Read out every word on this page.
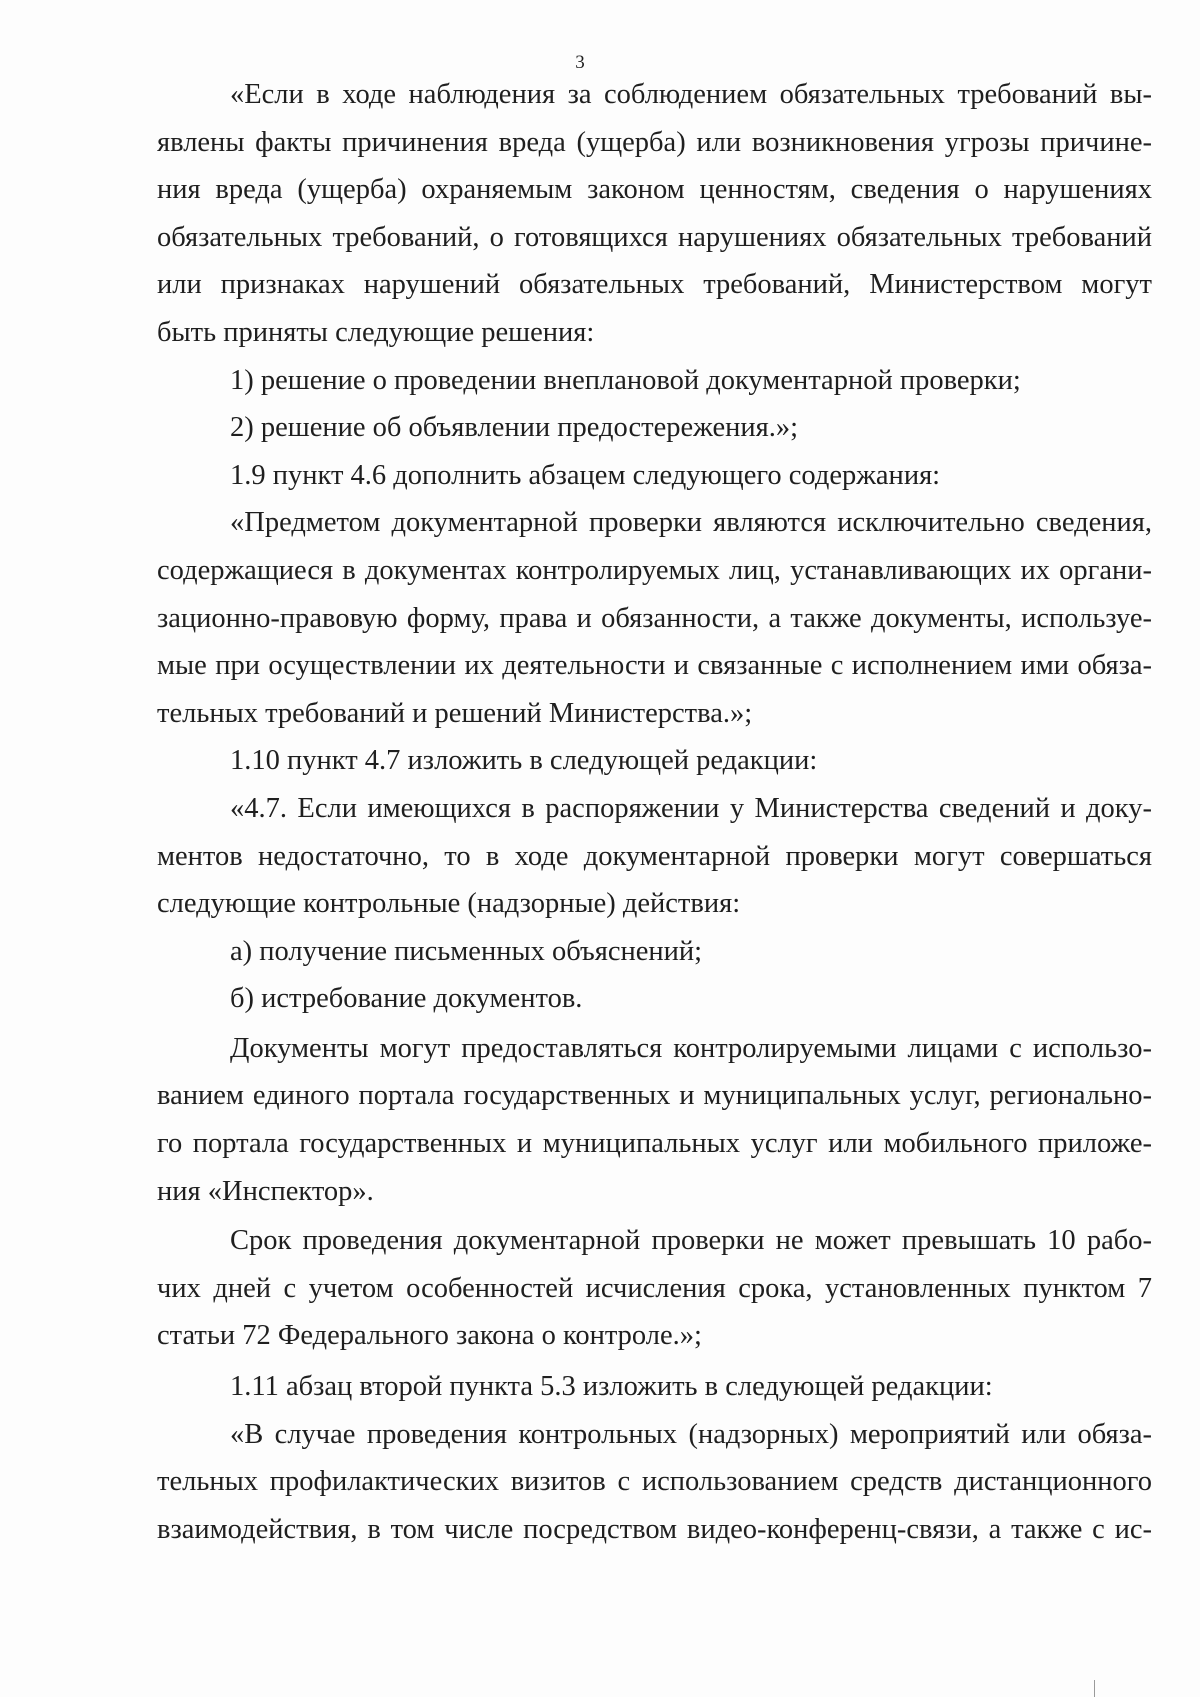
3
«Если в ходе наблюдения за соблюдением обязательных требований вы-
явлены факты причинения вреда (ущерба) или возникновения угрозы причине-
ния вреда (ущерба) охраняемым законом ценностям, сведения о нарушениях
обязательных требований, о готовящихся нарушениях обязательных требований
или признаках нарушений обязательных требований, Министерством могут
быть приняты следующие решения:
1) решение о проведении внеплановой документарной проверки;
2) решение об объявлении предостережения.»;
1.9 пункт 4.6 дополнить абзацем следующего содержания:
«Предметом документарной проверки являются исключительно сведения,
содержащиеся в документах контролируемых лиц, устанавливающих их органи-
зационно-правовую форму, права и обязанности, а также документы, используе-
мые при осуществлении их деятельности и связанные с исполнением ими обяза-
тельных требований и решений Министерства.»;
1.10 пункт 4.7 изложить в следующей редакции:
«4.7. Если имеющихся в распоряжении у Министерства сведений и доку-
ментов недостаточно, то в ходе документарной проверки могут совершаться
следующие контрольные (надзорные) действия:
а) получение письменных объяснений;
б) истребование документов.
Документы могут предоставляться контролируемыми лицами с использо-
ванием единого портала государственных и муниципальных услуг, регионально-
го портала государственных и муниципальных услуг или мобильного приложе-
ния «Инспектор».
Срок проведения документарной проверки не может превышать 10 рабо-
чих дней с учетом особенностей исчисления срока, установленных пунктом 7
статьи 72 Федерального закона о контроле.»;
1.11 абзац второй пункта 5.3 изложить в следующей редакции:
«В случае проведения контрольных (надзорных) мероприятий или обяза-
тельных профилактических визитов с использованием средств дистанционного
взаимодействия, в том числе посредством видео-конференц-связи, а также с ис-
